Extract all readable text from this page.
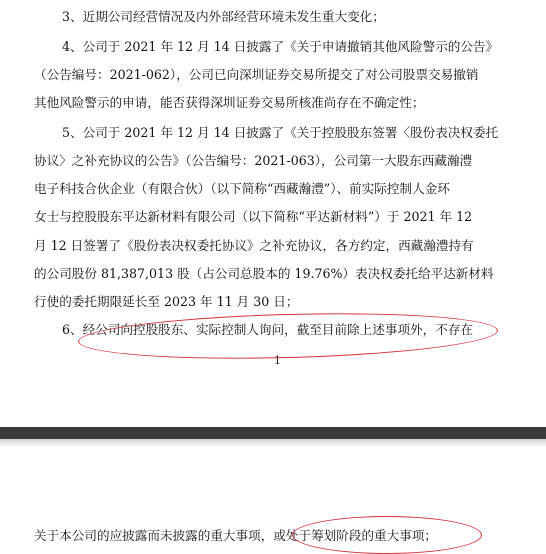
3、近期公司经营情况及内外部经营环境未发生重大变化；
4、公司于 2021 年 12 月 14 日披露了《关于申请撤销其他风险警示的公告》
（公告编号：2021-062），公司已向深圳证券交易所提交了对公司股票交易撤销
其他风险警示的申请，能否获得深圳证券交易所核准尚存在不确定性；
5、公司于 2021 年 12 月 14 日披露了《关于控股股东签署〈股份表决权委托
协议〉之补充协议的公告》（公告编号：2021-063），公司第一大股东西藏瀚澧
电子科技合伙企业（有限合伙）（以下简称“西藏瀚澧”）、前实际控制人金环
女士与控股股东平达新材料有限公司（以下简称“平达新材料”）于 2021 年 12
月 12 日签署了《股份表决权委托协议》之补充协议，各方约定，西藏瀚澧持有
的公司股份 81,387,013 股（占公司总股本的 19.76%）表决权委托给平达新材料
行使的委托期限延长至 2023 年 11 月 30 日；
6、经公司向控股股东、实际控制人询问，截至目前除上述事项外，不存在
1
关于本公司的应披露而未披露的重大事项，或处于筹划阶段的重大事项；
